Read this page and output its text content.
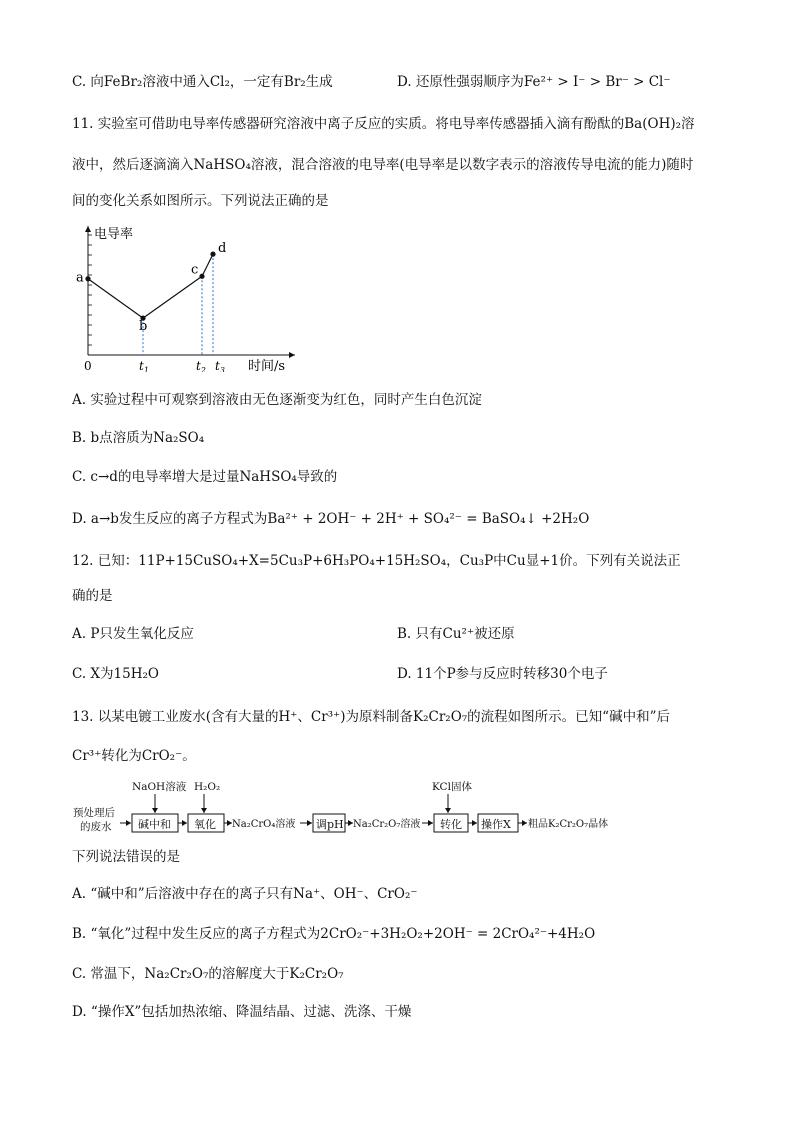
C. 向FeBr₂溶液中通入Cl₂，一定有Br₂生成	D. 还原性强弱顺序为Fe²⁺ > I⁻ > Br⁻ > Cl⁻
11. 实验室可借助电导率传感器研究溶液中离子反应的实质。将电导率传感器插入滴有酚酞的Ba(OH)₂溶
液中，然后逐滴滴入NaHSO₄溶液，混合溶液的电导率(电导率是以数字表示的溶液传导电流的能力)随时
间的变化关系如图所示。下列说法正确的是
a
b
c
d
电导率
时间/s
0	$t_1$	$t_2$ $t_3$
A. 实验过程中可观察到溶液由无色逐渐变为红色，同时产生白色沉淀
B. b点溶质为Na₂SO₄
C. c→d的电导率增大是过量NaHSO₄导致的
D. a→b发生反应的离子方程式为Ba²⁺ + 2OH⁻ + 2H⁺ + SO₄²⁻ = BaSO₄↓ +2H₂O
12. 已知：11P+15CuSO₄+X=5Cu₃P+6H₃PO₄+15H₂SO₄，Cu₃P中Cu显+1价。下列有关说法正
确的是
A. P只发生氧化反应	B. 只有Cu²⁺被还原
C. X为15H₂O	D. 11个P参与反应时转移30个电子
13. 以某电镀工业废水(含有大量的H⁺、Cr³⁺)为原料制备K₂Cr₂O₇的流程如图所示。已知“碱中和”后
Cr³⁺转化为CrO₂⁻。
预处理后
的废水
NaOH溶液 H₂O₂	KCl固体
碱中和 氧化	调pH	转化 操作X
Na₂CrO₄溶液	Na₂Cr₂O₇溶液	粗品K₂Cr₂O₇晶体
下列说法错误的是
A. “碱中和”后溶液中存在的离子只有Na⁺、OH⁻、CrO₂⁻
B. “氧化”过程中发生反应的离子方程式为2CrO₂⁻+3H₂O₂+2OH⁻ = 2CrO₄²⁻+4H₂O
C. 常温下，Na₂Cr₂O₇的溶解度大于K₂Cr₂O₇
D. “操作X”包括加热浓缩、降温结晶、过滤、洗涤、干燥
